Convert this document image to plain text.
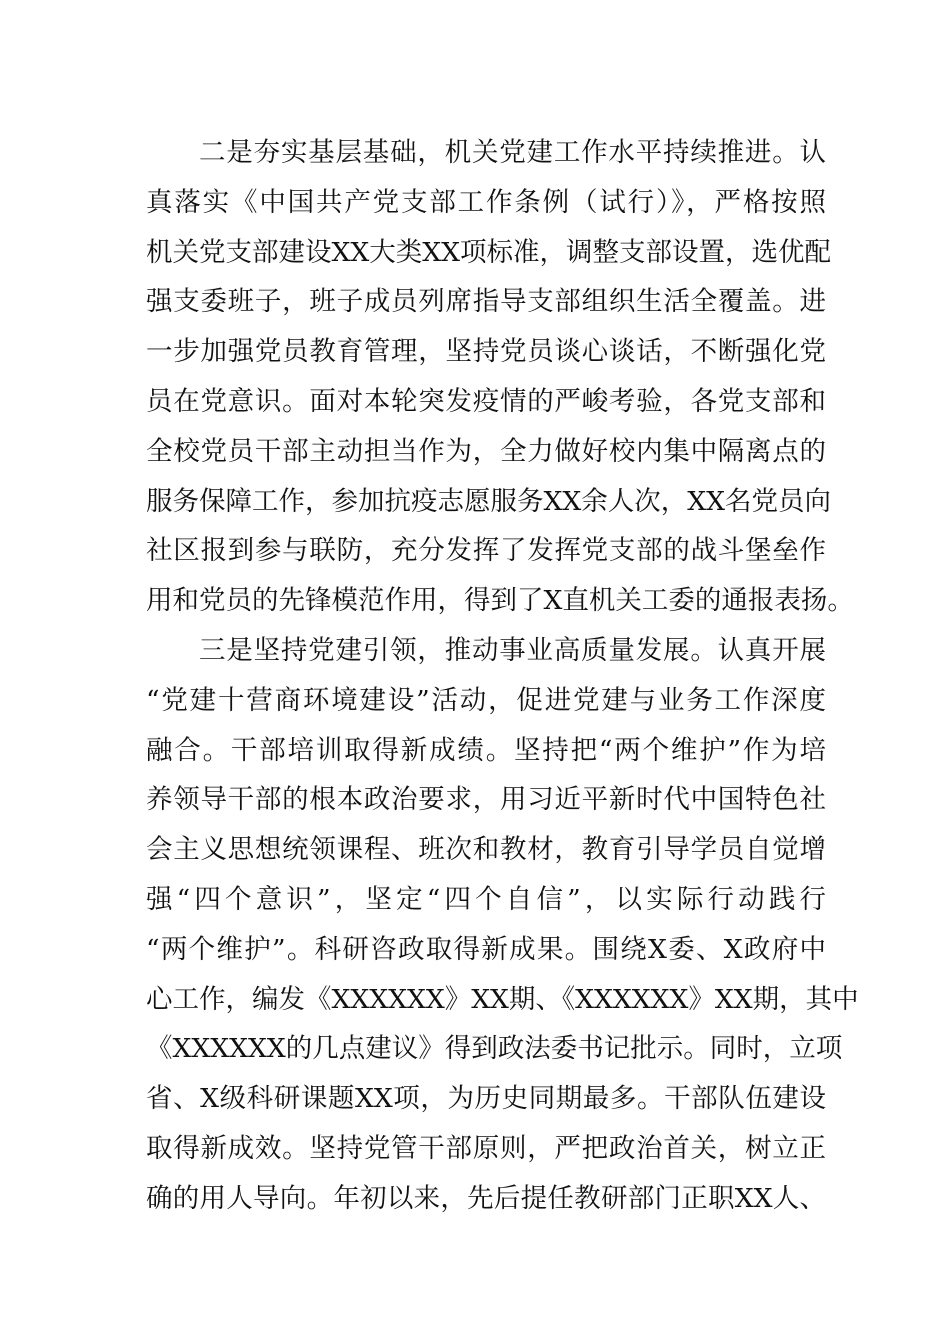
二是夯实基层基础，机关党建工作水平持续推进。认
真落实《中国共产党支部工作条例（试行）》，严格按照
机关党支部建设XX大类XX项标准，调整支部设置，选优配
强支委班子，班子成员列席指导支部组织生活全覆盖。进
一步加强党员教育管理，坚持党员谈心谈话，不断强化党
员在党意识。面对本轮突发疫情的严峻考验，各党支部和
全校党员干部主动担当作为，全力做好校内集中隔离点的
服务保障工作，参加抗疫志愿服务XX余人次，XX名党员向
社区报到参与联防，充分发挥了发挥党支部的战斗堡垒作
用和党员的先锋模范作用，得到了X直机关工委的通报表扬。
三是坚持党建引领，推动事业高质量发展。认真开展
“党建十营商环境建设”活动，促进党建与业务工作深度
融合。干部培训取得新成绩。坚持把“两个维护”作为培
养领导干部的根本政治要求，用习近平新时代中国特色社
会主义思想统领课程、班次和教材，教育引导学员自觉增
强“四个意识”，坚定“四个自信”，以实际行动践行
“两个维护”。科研咨政取得新成果。围绕X委、X政府中
心工作，编发《XXXXXX》XX期、《XXXXXX》XX期，其中
《XXXXXX的几点建议》得到政法委书记批示。同时，立项
省、X级科研课题XX项，为历史同期最多。干部队伍建设
取得新成效。坚持党管干部原则，严把政治首关，树立正
确的用人导向。年初以来，先后提任教研部门正职XX人、
